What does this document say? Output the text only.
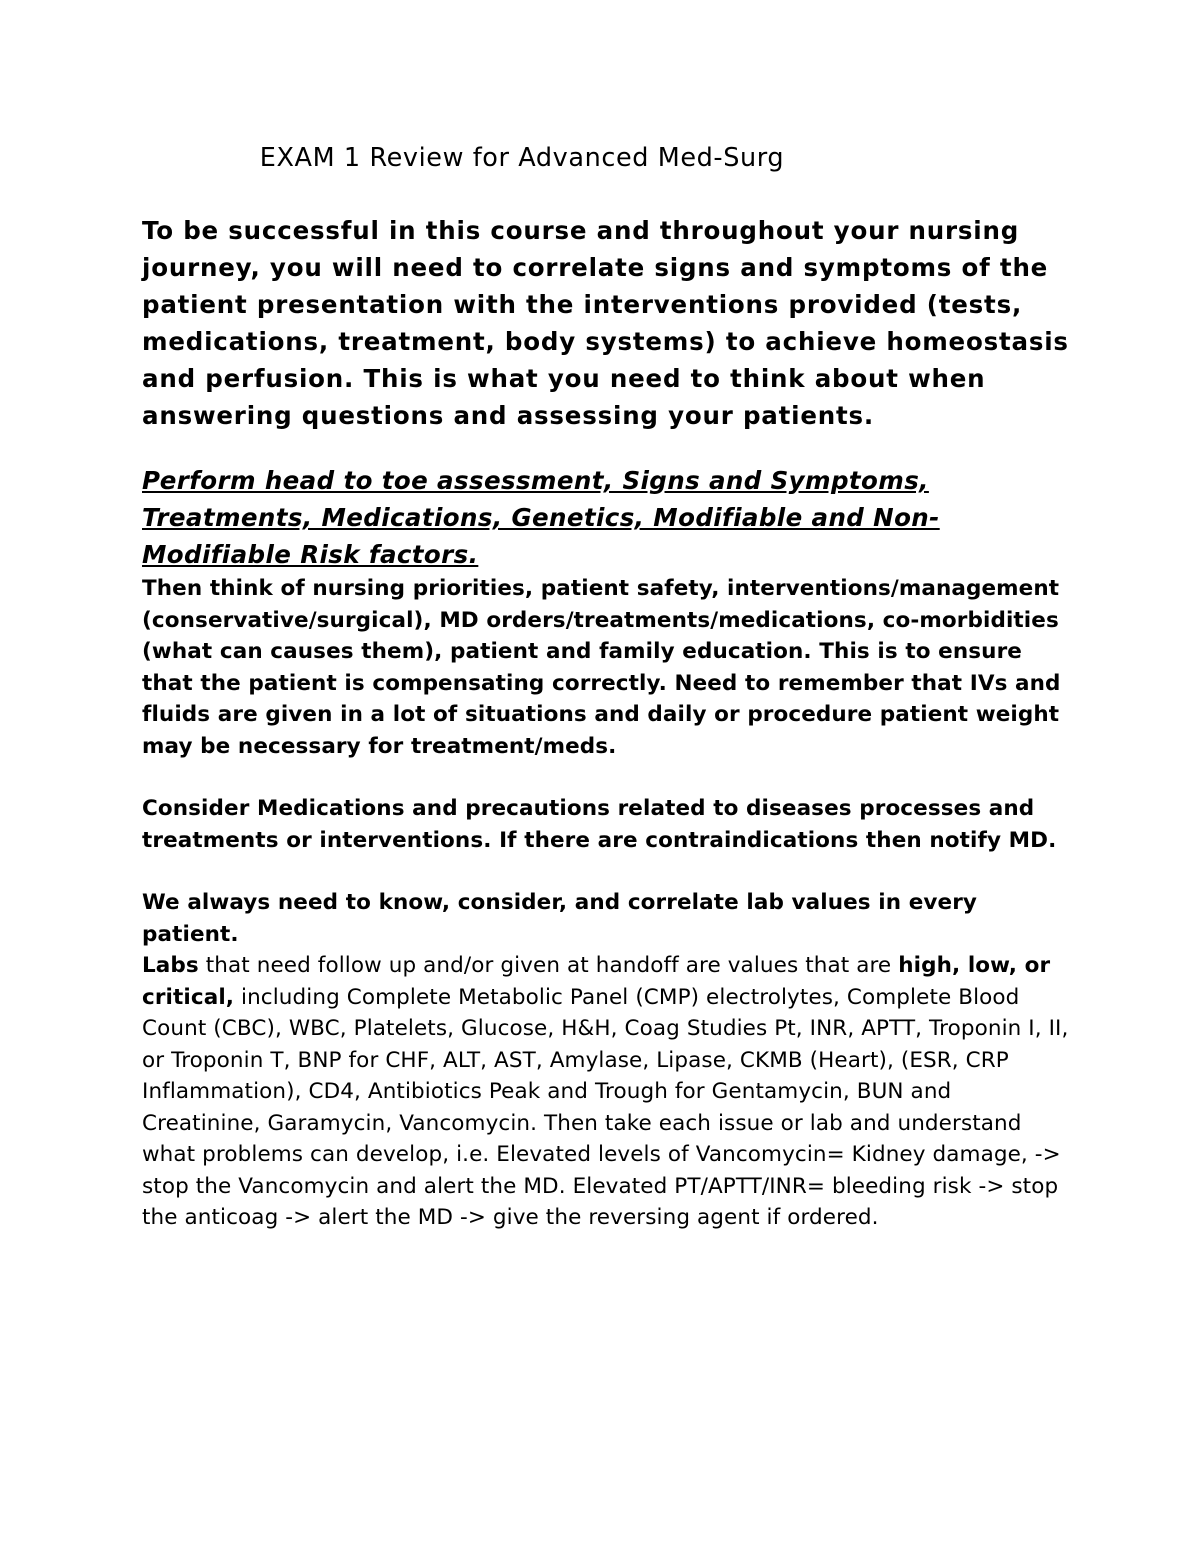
EXAM 1 Review for Advanced Med-Surg

To be successful in this course and throughout your nursing journey, you will need to correlate signs and symptoms of the patient presentation with the interventions provided (tests, medications, treatment, body systems) to achieve homeostasis and perfusion. This is what you need to think about when answering questions and assessing your patients.

Perform head to toe assessment, Signs and Symptoms, Treatments, Medications, Genetics, Modifiable and Non-Modifiable Risk factors.

Then think of nursing priorities, patient safety, interventions/management (conservative/surgical), MD orders/treatments/medications, co-morbidities (what can causes them), patient and family education. This is to ensure that the patient is compensating correctly. Need to remember that IVs and fluids are given in a lot of situations and daily or procedure patient weight may be necessary for treatment/meds.

Consider Medications and precautions related to diseases processes and treatments or interventions. If there are contraindications then notify MD.

We always need to know, consider, and correlate lab values in every patient.

Labs that need follow up and/or given at handoff are values that are high, low, or critical, including Complete Metabolic Panel (CMP) electrolytes, Complete Blood Count (CBC), WBC, Platelets, Glucose, H&H, Coag Studies Pt, INR, APTT, Troponin I, II, or Troponin T, BNP for CHF, ALT, AST, Amylase, Lipase, CKMB (Heart), (ESR, CRP Inflammation), CD4, Antibiotics Peak and Trough for Gentamycin, BUN and Creatinine, Garamycin, Vancomycin. Then take each issue or lab and understand what problems can develop, i.e. Elevated levels of Vancomycin= Kidney damage, -> stop the Vancomycin and alert the MD. Elevated PT/APTT/INR= bleeding risk -> stop the anticoag -> alert the MD -> give the reversing agent if ordered.
